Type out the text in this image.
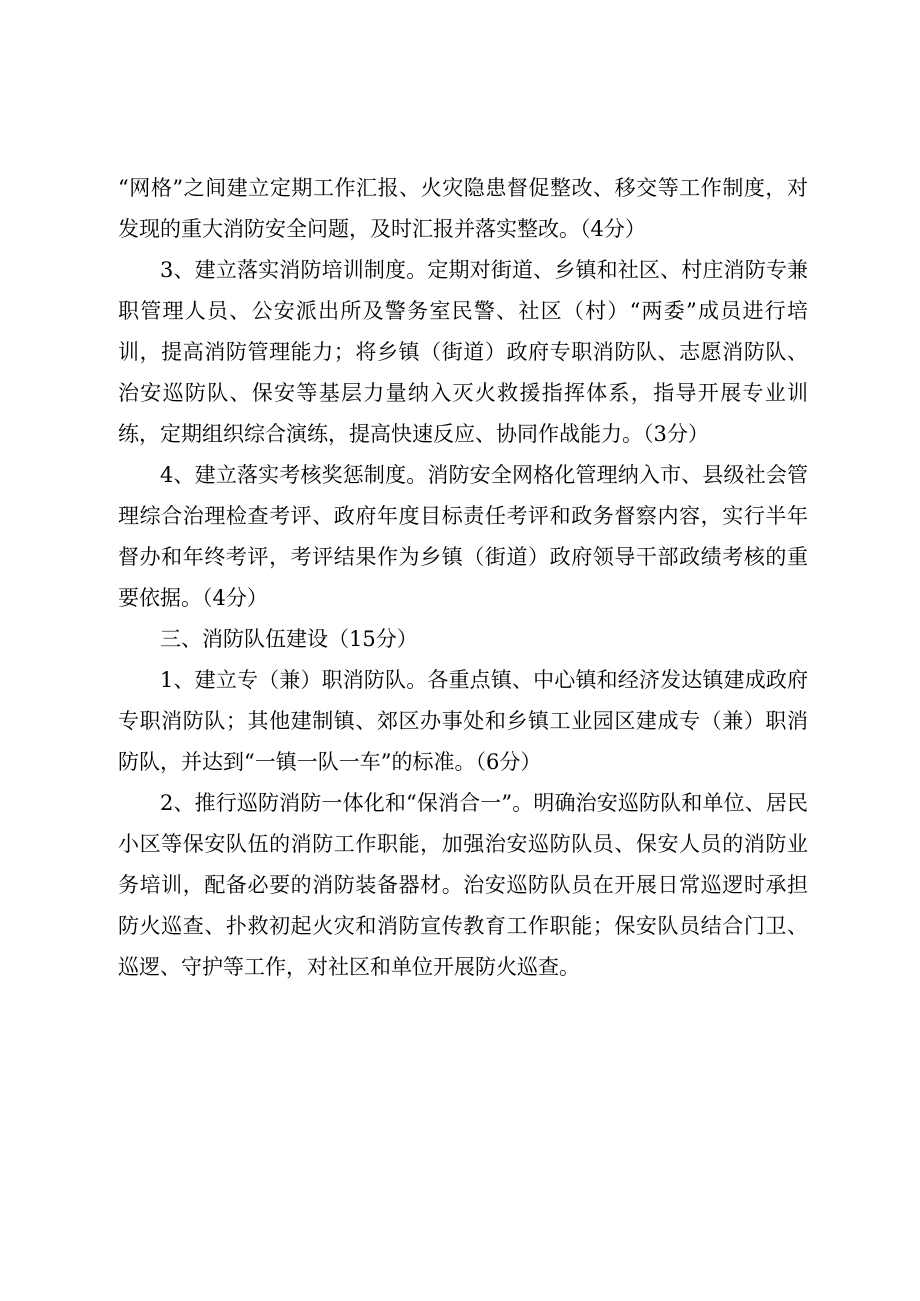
“网格”之间建立定期工作汇报、火灾隐患督促整改、移交等工作制度，对发现的重大消防安全问题，及时汇报并落实整改。（4分）

3、建立落实消防培训制度。定期对街道、乡镇和社区、村庄消防专兼职管理人员、公安派出所及警务室民警、社区（村）“两委”成员进行培训，提高消防管理能力；将乡镇（街道）政府专职消防队、志愿消防队、治安巡防队、保安等基层力量纳入灭火救援指挥体系，指导开展专业训练，定期组织综合演练，提高快速反应、协同作战能力。（3分）

4、建立落实考核奖惩制度。消防安全网格化管理纳入市、县级社会管理综合治理检查考评、政府年度目标责任考评和政务督察内容，实行半年督办和年终考评，考评结果作为乡镇（街道）政府领导干部政绩考核的重要依据。（4分）

三、消防队伍建设（15分）

1、建立专（兼）职消防队。各重点镇、中心镇和经济发达镇建成政府专职消防队；其他建制镇、郊区办事处和乡镇工业园区建成专（兼）职消防队，并达到“一镇一队一车”的标准。（6分）

2、推行巡防消防一体化和“保消合一”。明确治安巡防队和单位、居民小区等保安队伍的消防工作职能，加强治安巡防队员、保安人员的消防业务培训，配备必要的消防装备器材。治安巡防队员在开展日常巡逻时承担防火巡查、扑救初起火灾和消防宣传教育工作职能；保安队员结合门卫、巡逻、守护等工作，对社区和单位开展防火巡查。
